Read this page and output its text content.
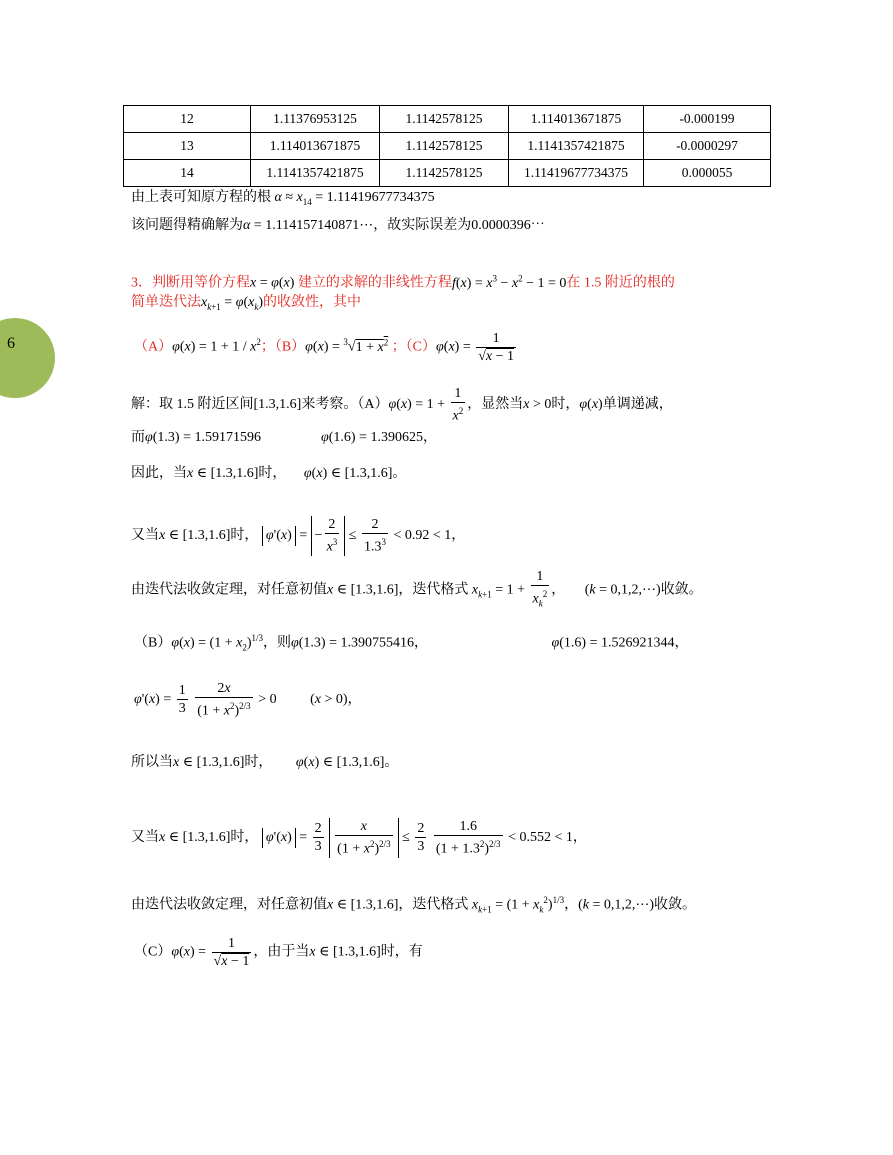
6
12	1.11376953125	1.1142578125	1.114013671875	-0.000199
13	1.114013671875	1.1142578125	1.1141357421875	-0.0000297
14	1.1141357421875	1.1142578125	1.11419677734375	0.000055
由上表可知原方程的根 $\alpha \approx x_{14} = 1.11419677734375$
该问题得精确解为α = 1.114157140871⋯，故实际误差为0.0000396⋯
3．判断用等价方程x = φ(x) 建立的求解的非线性方程$f(x) = x^3 - x^2 - 1 = 0$在 1.5 附近的根的
简单迭代法$x_{k+1} = \varphi(x_k)$的收敛性，其中
$(A)\varphi(x) = 1 + 1 / x^2$；$(B)\varphi(x) = ^3√1 + x^2$ ；$(C)\varphi(x) = \frac{1}{√x - 1}$
解：取 1.5 附近区间[1.3,1.6]来考察。$(A)\varphi(x) = 1 + \frac{1}{x^2}$ ，显然当x > 0时，φ(x)单调递减，
而φ(1.3) = 1.59171596	φ(1.6) = 1.390625，
因此，当x ∈ [1.3,1.6]时， φ(x) ∈ [1.3,1.6]。
又当x ∈ [1.3,1.6]时， φ'(x) = − $\frac{2}{x^3} \le \frac{2}{1.3^3} < 0.92 < 1$，
由迭代法收敛定理，对任意初值x ∈ [1.3,1.6]，迭代格式 $x_{k+1} = 1 + \frac{1}{x_k^2}$ ， (k = 0,1,2,⋯)收敛。
$(B)\varphi(x) = (1 + x_2)^{1/3}$，则φ(1.3) = 1.390755416，	φ(1.6) = 1.526921344，
$\varphi'(x) = \frac{1}{3}$
$\frac{2x}{(1 + x^2)^{2/3}} > 0$ (x > 0)，
所以当x ∈ [1.3,1.6]时， φ(x) ∈ [1.3,1.6]。
又当x ∈ [1.3,1.6]时， $\varphi'(x) = \frac{2}{3}$
$\frac{x}{(1 + x^2)^{2/3}} \le \frac{2}{3}$
$\frac{1.6}{(1 + 1.3^2)^{2/3}} < 0.552 < 1$，
由迭代法收敛定理，对任意初值x ∈ [1.3,1.6]，迭代格式 $x_{k+1} = (1 + x_k^2)^{1/3}$，(k = 0,1,2,⋯)收敛。
$(C)\varphi(x) = \frac{1}{√x - 1}$ ，由于当x ∈ [1.3,1.6]时，有
